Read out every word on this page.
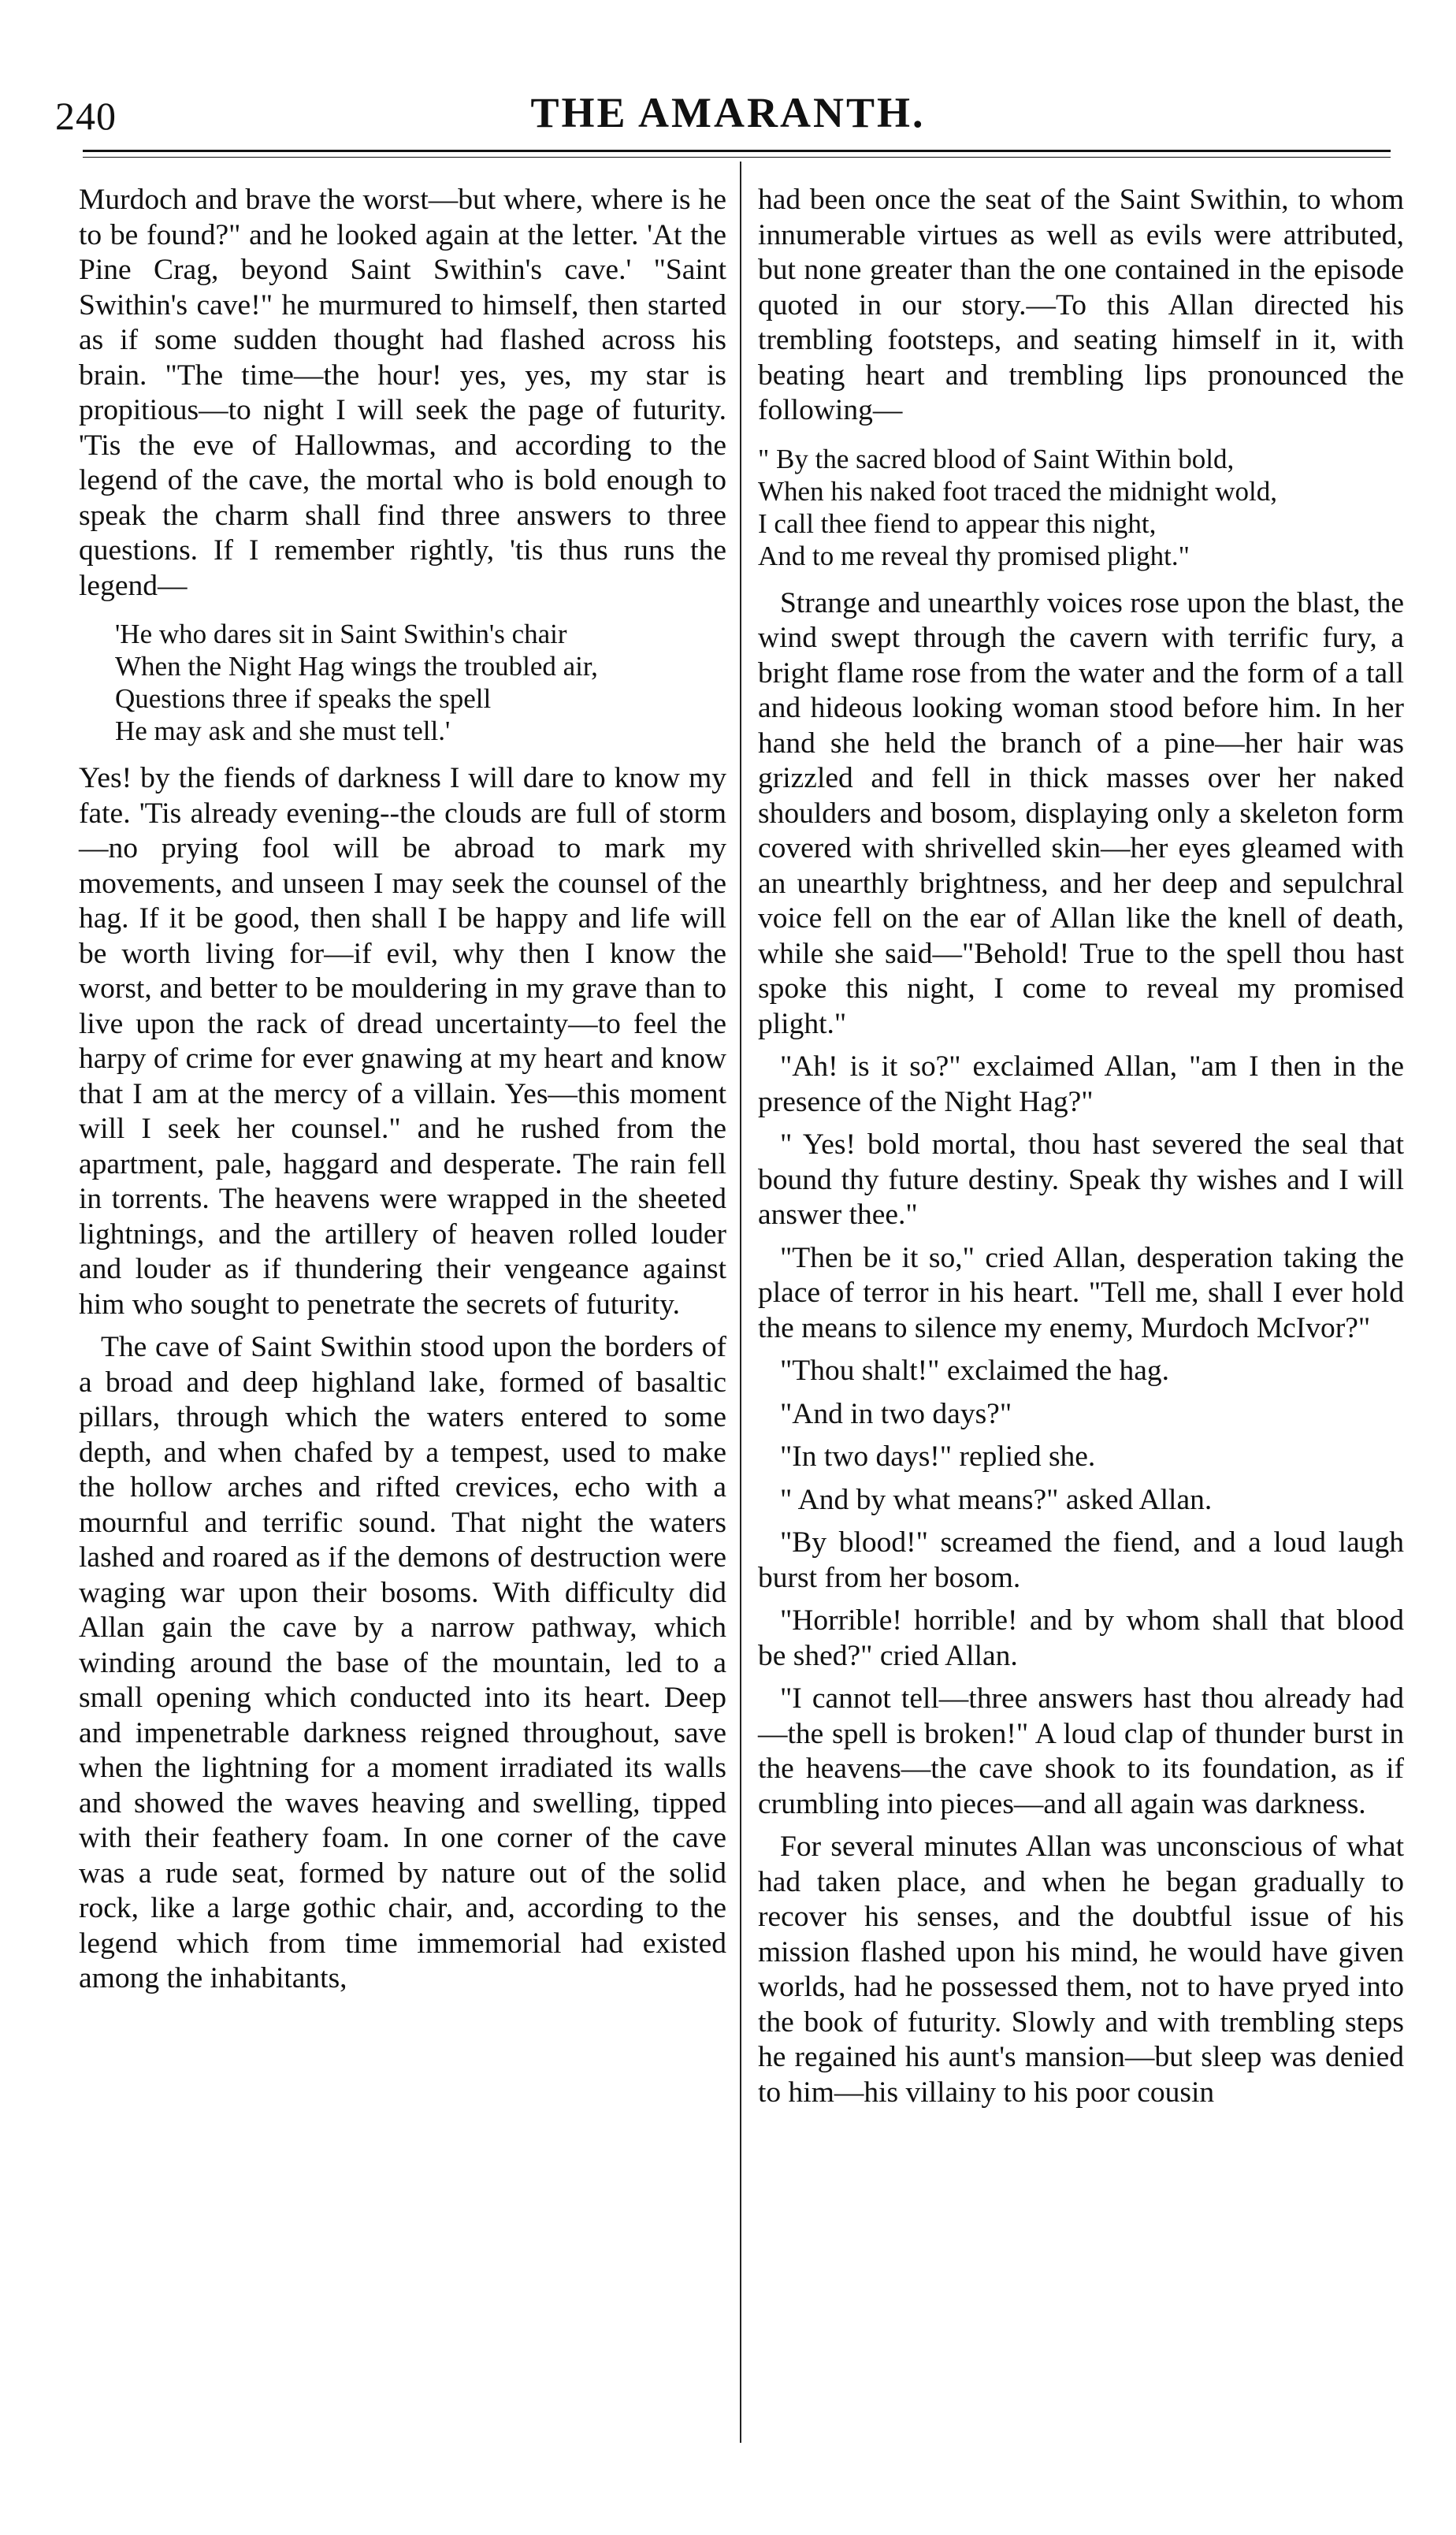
240	THE AMARANTH.

Murdoch and brave the worst—but where, where is he to be found?" and he looked again at the letter. 'At the Pine Crag, beyond Saint Swithin's cave.' "Saint Swithin's cave!" he murmured to himself, then started as if some sudden thought had flashed across his brain. "The time—the hour! yes, yes, my star is propitious—to night I will seek the page of futurity. 'Tis the eve of Hallowmas, and according to the legend of the cave, the mortal who is bold enough to speak the charm shall find three answers to three questions. If I remember rightly, 'tis thus runs the legend—

'He who dares sit in Saint Swithin's chair
When the Night Hag wings the troubled air,
Questions three if speaks the spell
He may ask and she must tell.'

Yes! by the fiends of darkness I will dare to know my fate. 'Tis already evening--the clouds are full of storm—no prying fool will be abroad to mark my movements, and unseen I may seek the counsel of the hag. If it be good, then shall I be happy and life will be worth living for—if evil, why then I know the worst, and better to be mouldering in my grave than to live upon the rack of dread uncertainty—to feel the harpy of crime for ever gnawing at my heart and know that I am at the mercy of a villain. Yes—this moment will I seek her counsel." and he rushed from the apartment, pale, haggard and desperate. The rain fell in torrents. The heavens were wrapped in the sheeted lightnings, and the artillery of heaven rolled louder and louder as if thundering their vengeance against him who sought to penetrate the secrets of futurity.

The cave of Saint Swithin stood upon the borders of a broad and deep highland lake, formed of basaltic pillars, through which the waters entered to some depth, and when chafed by a tempest, used to make the hollow arches and rifted crevices, echo with a mournful and terrific sound. That night the waters lashed and roared as if the demons of destruction were waging war upon their bosoms. With difficulty did Allan gain the cave by a narrow pathway, which winding around the base of the mountain, led to a small opening which conducted into its heart. Deep and impenetrable darkness reigned throughout, save when the lightning for a moment irradiated its walls and showed the waves heaving and swelling, tipped with their feathery foam. In one corner of the cave was a rude seat, formed by nature out of the solid rock, like a large gothic chair, and, according to the legend which from time immemorial had existed among the inhabitants,

had been once the seat of the Saint Swithin, to whom innumerable virtues as well as evils were attributed, but none greater than the one contained in the episode quoted in our story.—To this Allan directed his trembling footsteps, and seating himself in it, with beating heart and trembling lips pronounced the following—

" By the sacred blood of Saint Within bold,
When his naked foot traced the midnight wold,
I call thee fiend to appear this night,
And to me reveal thy promised plight."

Strange and unearthly voices rose upon the blast, the wind swept through the cavern with terrific fury, a bright flame rose from the water and the form of a tall and hideous looking woman stood before him. In her hand she held the branch of a pine—her hair was grizzled and fell in thick masses over her naked shoulders and bosom, displaying only a skeleton form covered with shrivelled skin—her eyes gleamed with an unearthly brightness, and her deep and sepulchral voice fell on the ear of Allan like the knell of death, while she said—"Behold! True to the spell thou hast spoke this night, I come to reveal my promised plight."

"Ah! is it so?" exclaimed Allan, "am I then in the presence of the Night Hag?"

" Yes! bold mortal, thou hast severed the seal that bound thy future destiny. Speak thy wishes and I will answer thee."

"Then be it so," cried Allan, desperation taking the place of terror in his heart. "Tell me, shall I ever hold the means to silence my enemy, Murdoch McIvor?"

"Thou shalt!" exclaimed the hag.

"And in two days?"

"In two days!" replied she.

" And by what means?" asked Allan.

"By blood!" screamed the fiend, and a loud laugh burst from her bosom.

"Horrible! horrible! and by whom shall that blood be shed?" cried Allan.

"I cannot tell—three answers hast thou already had—the spell is broken!" A loud clap of thunder burst in the heavens—the cave shook to its foundation, as if crumbling into pieces—and all again was darkness.

For several minutes Allan was unconscious of what had taken place, and when he began gradually to recover his senses, and the doubtful issue of his mission flashed upon his mind, he would have given worlds, had he possessed them, not to have pryed into the book of futurity. Slowly and with trembling steps he regained his aunt's mansion—but sleep was denied to him—his villainy to his poor cousin
